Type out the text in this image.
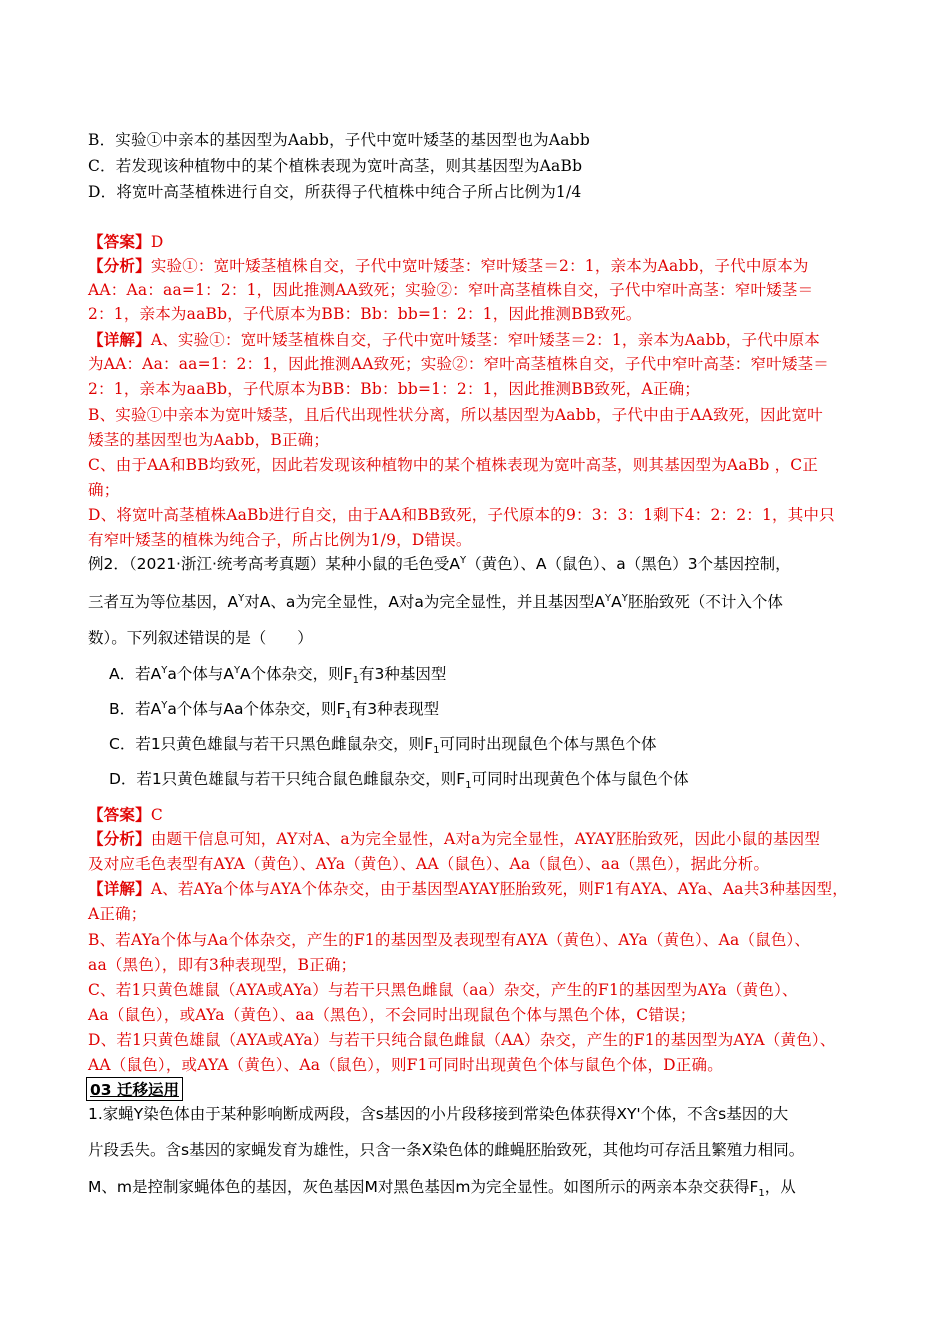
B．实验①中亲本的基因型为Aabb，子代中宽叶矮茎的基因型也为Aabb
C．若发现该种植物中的某个植株表现为宽叶高茎，则其基因型为AaBb
D．将宽叶高茎植株进行自交，所获得子代植株中纯合子所占比例为1/4
【答案】D
【分析】实验①：宽叶矮茎植株自交，子代中宽叶矮茎：窄叶矮茎＝2：1，亲本为Aabb，子代中原本为
AA：Aa：aa=1：2：1，因此推测AA致死；实验②：窄叶高茎植株自交，子代中窄叶高茎：窄叶矮茎＝
2：1，亲本为aaBb，子代原本为BB：Bb：bb=1：2：1，因此推测BB致死。
【详解】A、实验①：宽叶矮茎植株自交，子代中宽叶矮茎：窄叶矮茎＝2：1，亲本为Aabb，子代中原本
为AA：Aa：aa=1：2：1，因此推测AA致死；实验②：窄叶高茎植株自交，子代中窄叶高茎：窄叶矮茎＝
2：1，亲本为aaBb，子代原本为BB：Bb：bb=1：2：1，因此推测BB致死，A正确；
B、实验①中亲本为宽叶矮茎，且后代出现性状分离，所以基因型为Aabb，子代中由于AA致死，因此宽叶
矮茎的基因型也为Aabb，B正确；
C、由于AA和BB均致死，因此若发现该种植物中的某个植株表现为宽叶高茎，则其基因型为AaBb ，C正
确；
D、将宽叶高茎植株AaBb进行自交，由于AA和BB致死，子代原本的9：3：3：1剩下4：2：2：1，其中只
有窄叶矮茎的植株为纯合子，所占比例为1/9，D错误。
例2．（2021·浙江·统考高考真题）某种小鼠的毛色受$A^Y$（黄色）、A（鼠色）、a（黑色）3个基因控制，
三者互为等位基因，$A^Y$对A、a为完全显性，A对a为完全显性，并且基因型$A^YA^Y$胚胎致死（不计入个体
数）。下列叙述错误的是（　　）
A．若$A^Ya$个体与$A^YA$个体杂交，则$F_1$有3种基因型
B．若$A^Ya$个体与Aa个体杂交，则$F_1$有3种表现型
C．若1只黄色雄鼠与若干只黑色雌鼠杂交，则$F_1$可同时出现鼠色个体与黑色个体
D．若1只黄色雄鼠与若干只纯合鼠色雌鼠杂交，则$F_1$可同时出现黄色个体与鼠色个体
【答案】C
【分析】由题干信息可知，AY对A、a为完全显性，A对a为完全显性，AYAY胚胎致死，因此小鼠的基因型
及对应毛色表型有AYA（黄色）、AYa（黄色）、AA（鼠色）、Aa（鼠色）、aa（黑色），据此分析。
【详解】A、若AYa个体与AYA个体杂交，由于基因型AYAY胚胎致死，则F1有AYA、AYa、Aa共3种基因型，
A正确；
B、若AYa个体与Aa个体杂交，产生的F1的基因型及表现型有AYA（黄色）、AYa（黄色）、Aa（鼠色）、
aa（黑色），即有3种表现型，B正确；
C、若1只黄色雄鼠（AYA或AYa）与若干只黑色雌鼠（aa）杂交，产生的F1的基因型为AYa（黄色）、
Aa（鼠色），或AYa（黄色）、aa（黑色），不会同时出现鼠色个体与黑色个体，C错误；
D、若1只黄色雄鼠（AYA或AYa）与若干只纯合鼠色雌鼠（AA）杂交，产生的F1的基因型为AYA（黄色）、
AA（鼠色），或AYA（黄色）、Aa（鼠色），则F1可同时出现黄色个体与鼠色个体，D正确。
03 迁移运用
1.家蝇Y染色体由于某种影响断成两段，含s基因的小片段移接到常染色体获得XY'个体，不含s基因的大
片段丢失。含s基因的家蝇发育为雄性，只含一条X染色体的雌蝇胚胎致死，其他均可存活且繁殖力相同。
M、m是控制家蝇体色的基因，灰色基因M对黑色基因m为完全显性。如图所示的两亲本杂交获得$F_1$，从
